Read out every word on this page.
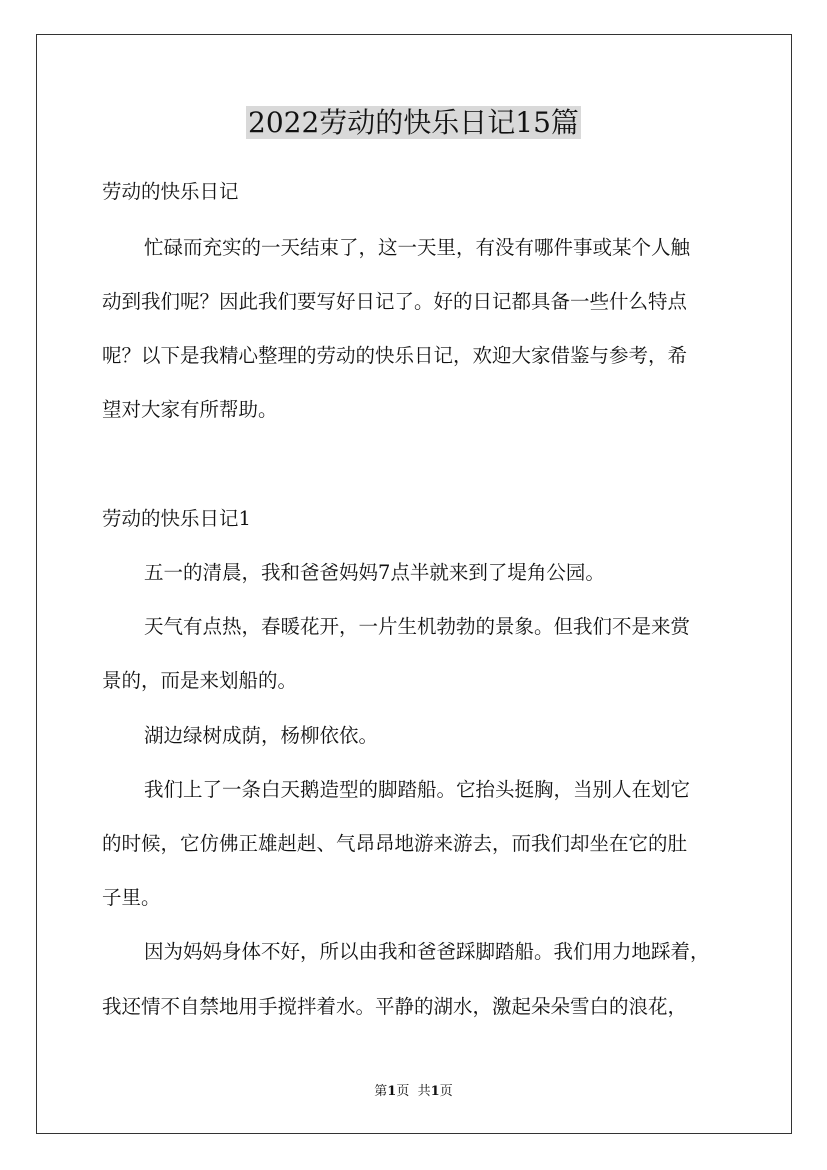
2022劳动的快乐日记15篇

劳动的快乐日记

忙碌而充实的一天结束了，这一天里，有没有哪件事或某个人触

动到我们呢？因此我们要写好日记了。好的日记都具备一些什么特点

呢？以下是我精心整理的劳动的快乐日记，欢迎大家借鉴与参考，希

望对大家有所帮助。

劳动的快乐日记1

五一的清晨，我和爸爸妈妈7点半就来到了堤角公园。

天气有点热，春暖花开，一片生机勃勃的景象。但我们不是来赏

景的，而是来划船的。

湖边绿树成荫，杨柳依依。

我们上了一条白天鹅造型的脚踏船。它抬头挺胸，当别人在划它

的时候，它仿佛正雄赳赳、气昂昂地游来游去，而我们却坐在它的肚

子里。

因为妈妈身体不好，所以由我和爸爸踩脚踏船。我们用力地踩着，

我还情不自禁地用手搅拌着水。平静的湖水，激起朵朵雪白的浪花，

第1页 共1页
